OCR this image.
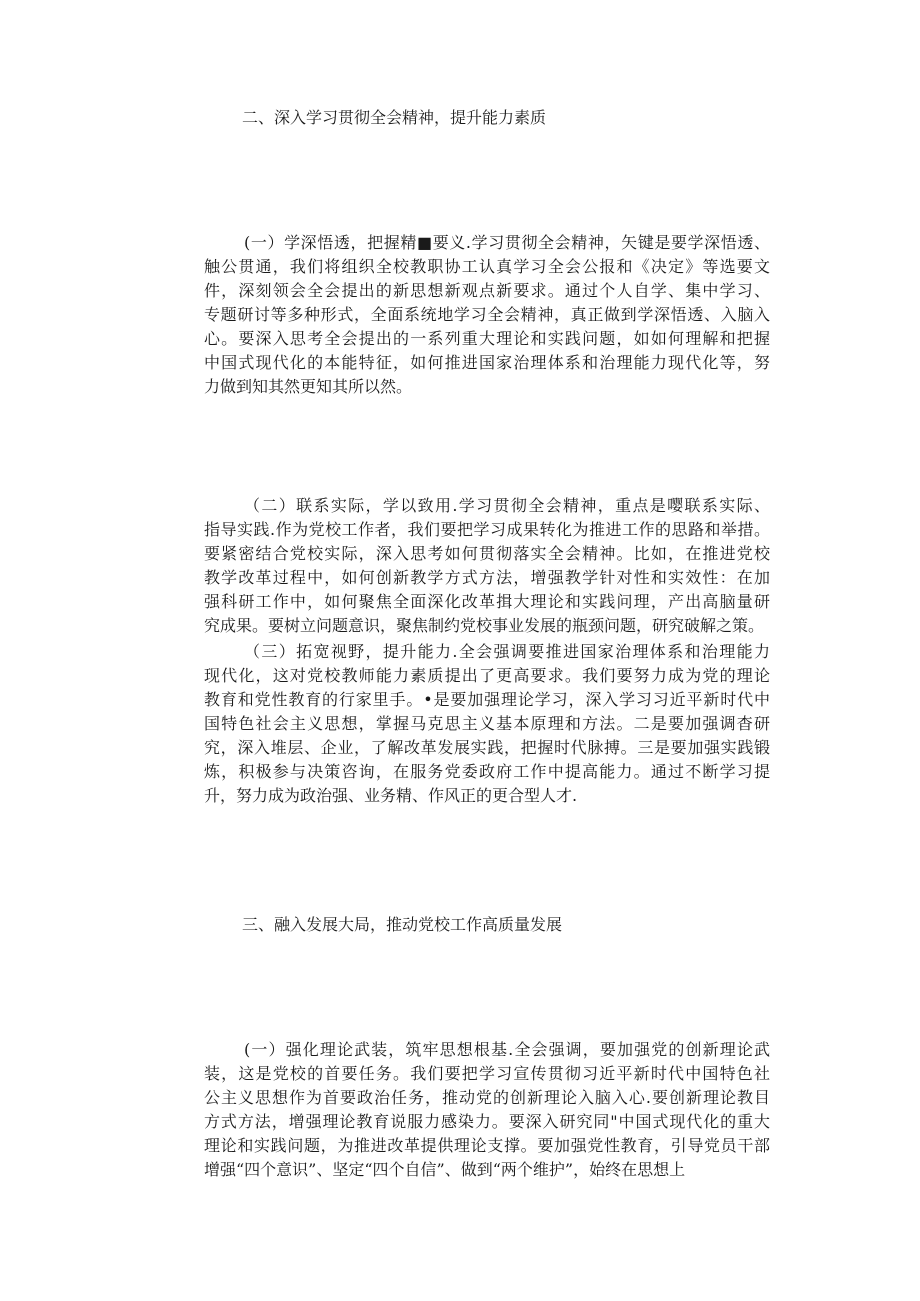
二、深入学习贯彻全会精神，提升能力素质
(一）学深悟透，把握精■要义.学习贯彻全会精神，矢键是要学深悟透、
触公贯通，我们将组织全校教职协工认真学习全会公报和《决定》等选要文
件，深刻领会全会提出的新思想新观点新要求。通过个人自学、集中学习、
专题研讨等多种形式，全面系统地学习全会精神，真正做到学深悟透、入脑入
心。要深入思考全会提出的一系列重大理论和实践问题，如如何理解和把握
中国式现代化的本能特征，如何推进国家治理体系和治理能力现代化等，努
力做到知其然更知其所以然。
（二）联系实际，学以致用.学习贯彻全会精神，重点是嘤联系实际、
指导实践.作为党校工作者，我们要把学习成果转化为推进工作的思路和举措。
要紧密结合党校实际，深入思考如何贯彻落实全会精神。比如，在推进党校
教学改革过程中，如何创新教学方式方法，增强教学针对性和实效性：在加
强科研工作中，如何聚焦全面深化改革揖大理论和实践问理，产出高脑量研
究成果。要树立问题意识，聚焦制约党校事业发展的瓶颈问题，研究破解之策。
（三）拓宽视野，提升能力.全会强调要推进国家治理体系和治理能力
现代化，这对党校教师能力素质提出了更高要求。我们要努力成为党的理论
教育和党性教育的行家里手。•是要加强理论学习，深入学习习近平新时代中
国特色社会主义思想，掌握马克思主义基本原理和方法。二是要加强调杳研
究，深入堆层、企业，了解改革发展实践，把握时代脉搏。三是要加强实践锻
炼，积极参与决策咨询，在服务党委政府工作中提高能力。通过不断学习提
升，努力成为政治强、业务精、作风正的更合型人才.
三、融入发展大局，推动党校工作高质量发展
(一）强化理论武装，筑牢思想根基.全会强调，要加强党的创新理论武
装，这是党校的首要任务。我们要把学习宣传贯彻习近平新时代中国特色社
公主义思想作为首要政治任务，推动党的创新理论入脑入心.要创新理论教目
方式方法，增强理论教育说服力感染力。要深入研究同"中国式现代化的重大
理论和实践问题，为推进改革提供理论支撑。要加强党性教育，引导党员干部
增强“四个意识”、坚定“四个自信”、做到“两个维护”，始终在思想上
